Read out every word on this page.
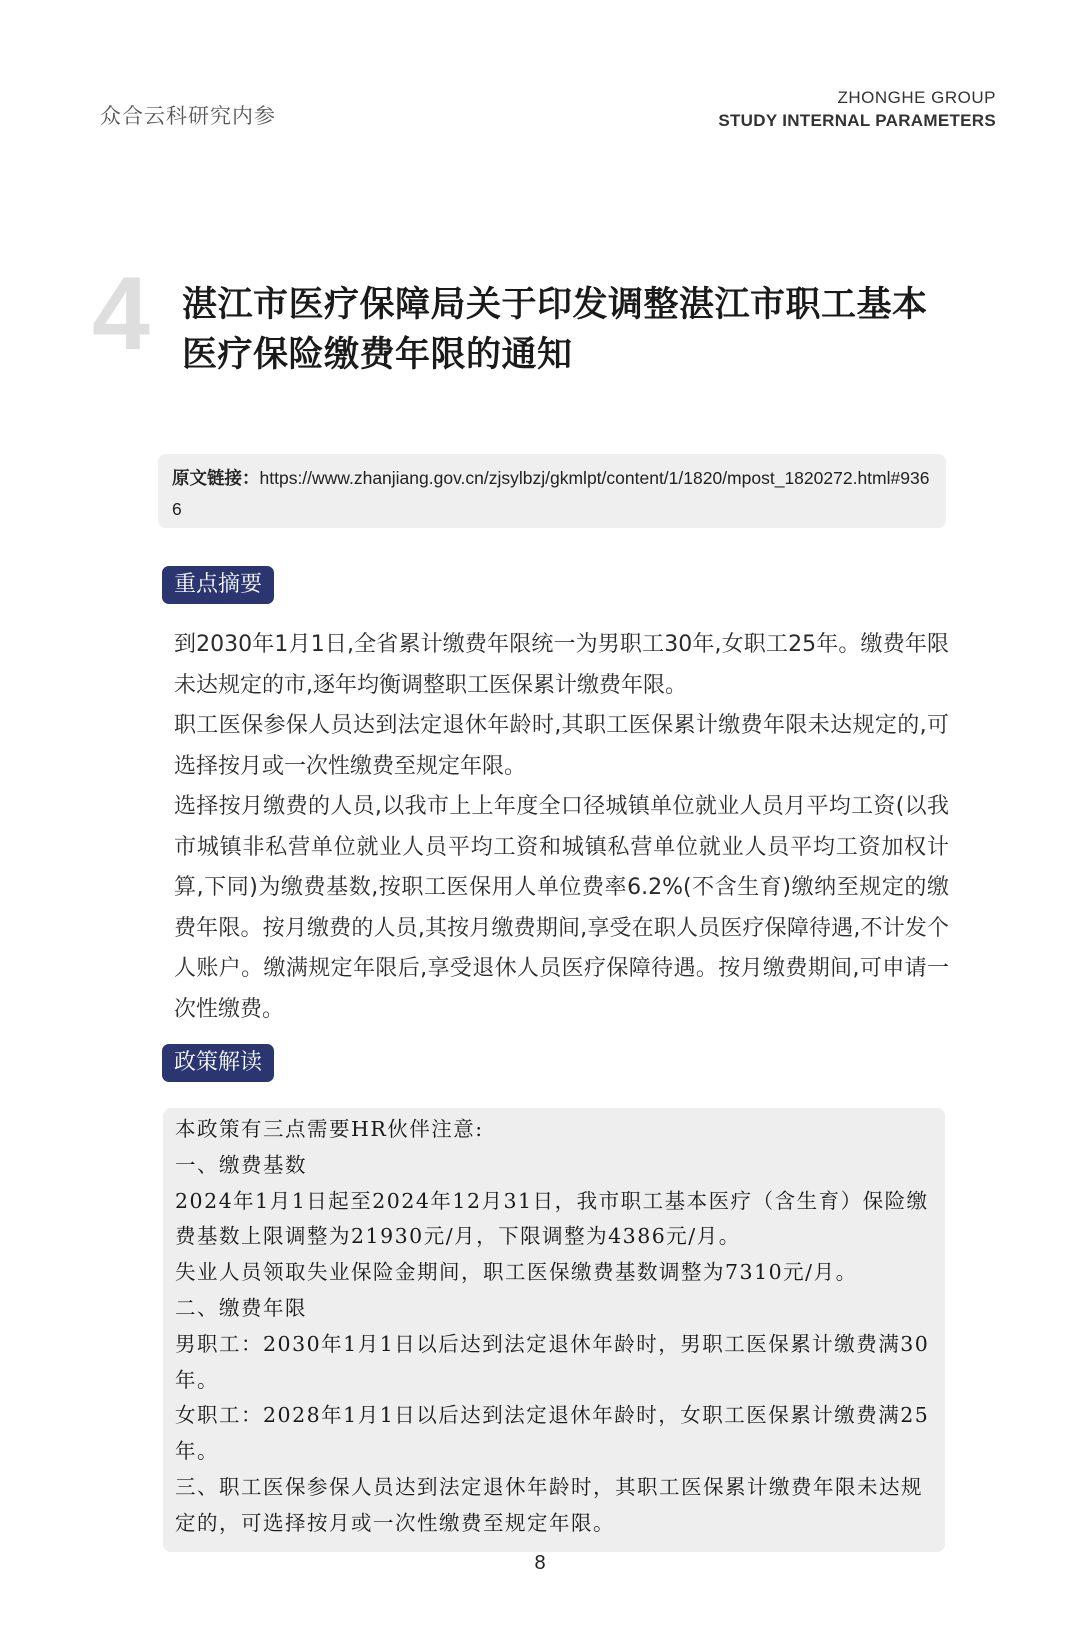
众合云科研究内参
ZHONGHE GROUP
STUDY INTERNAL PARAMETERS
4 湛江市医疗保障局关于印发调整湛江市职工基本医疗保险缴费年限的通知
原文链接：https://www.zhanjiang.gov.cn/zjsylbzj/gkmlpt/content/1/1820/mpost_1820272.html#9366
重点摘要

到2030年1月1日,全省累计缴费年限统一为男职工30年,女职工25年。缴费年限未达规定的市,逐年均衡调整职工医保累计缴费年限。

职工医保参保人员达到法定退休年龄时,其职工医保累计缴费年限未达规定的,可选择按月或一次性缴费至规定年限。

选择按月缴费的人员,以我市上上年度全口径城镇单位就业人员月平均工资(以我市城镇非私营单位就业人员平均工资和城镇私营单位就业人员平均工资加权计算,下同)为缴费基数,按职工医保用人单位费率6.2%(不含生育)缴纳至规定的缴费年限。按月缴费的人员,其按月缴费期间,享受在职人员医疗保障待遇,不计发个人账户。缴满规定年限后,享受退休人员医疗保障待遇。按月缴费期间,可申请一次性缴费。

政策解读

本政策有三点需要HR伙伴注意:

一、缴费基数

2024年1月1日起至2024年12月31日，我市职工基本医疗（含生育）保险缴费基数上限调整为21930元/月，下限调整为4386元/月。

失业人员领取失业保险金期间，职工医保缴费基数调整为7310元/月。

二、缴费年限

男职工：2030年1月1日以后达到法定退休年龄时，男职工医保累计缴费满30年。

女职工：2028年1月1日以后达到法定退休年龄时，女职工医保累计缴费满25年。

三、职工医保参保人员达到法定退休年龄时，其职工医保累计缴费年限未达规定的，可选择按月或一次性缴费至规定年限。

8
